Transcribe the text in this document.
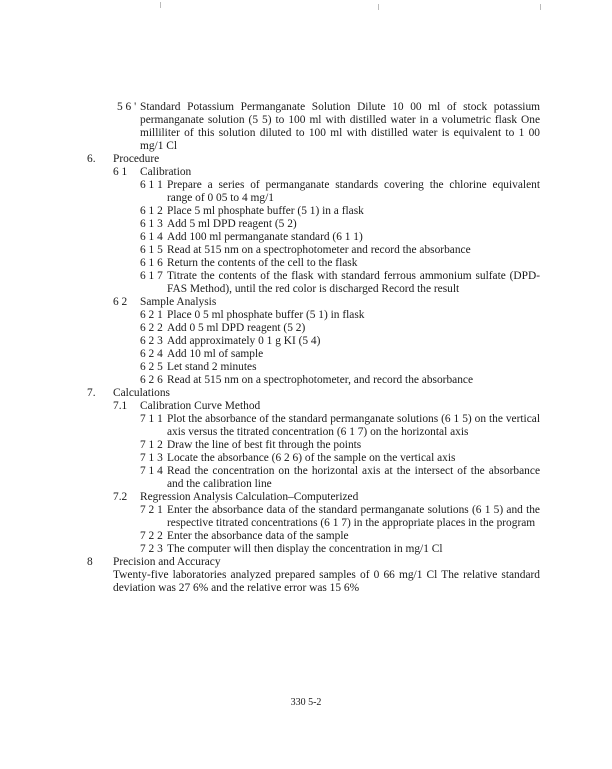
5 6 ' Standard Potassium Permanganate Solution Dilute 10 00 ml of stock potassium permanganate solution (5 5) to 100 ml with distilled water in a volumetric flask One milliliter of this solution diluted to 100 ml with distilled water is equivalent to 1 00 mg/1 Cl
6. Procedure
6 1 Calibration
6 1 1 Prepare a series of permanganate standards covering the chlorine equivalent range of 0 05 to 4 mg/1
6 1 2 Place 5 ml phosphate buffer (5 1) in a flask
6 1 3 Add 5 ml DPD reagent (5 2)
6 1 4 Add 100 ml permanganate standard (6 1 1)
6 1 5 Read at 515 nm on a spectrophotometer and record the absorbance
6 1 6 Return the contents of the cell to the flask
6 1 7 Titrate the contents of the flask with standard ferrous ammonium sulfate (DPD-FAS Method), until the red color is discharged Record the result
6 2 Sample Analysis
6 2 1 Place 0 5 ml phosphate buffer (5 1) in flask
6 2 2 Add 0 5 ml DPD reagent (5 2)
6 2 3 Add approximately 0 1 g KI (5 4)
6 2 4 Add 10 ml of sample
6 2 5 Let stand 2 minutes
6 2 6 Read at 515 nm on a spectrophotometer, and record the absorbance
7. Calculations
7.1 Calibration Curve Method
7 1 1 Plot the absorbance of the standard permanganate solutions (6 1 5) on the vertical axis versus the titrated concentration (6 1 7) on the horizontal axis
7 1 2 Draw the line of best fit through the points
7 1 3 Locate the absorbance (6 2 6) of the sample on the vertical axis
7 1 4 Read the concentration on the horizontal axis at the intersect of the absorbance and the calibration line
7.2 Regression Analysis Calculation–Computerized
7 2 1 Enter the absorbance data of the standard permanganate solutions (6 1 5) and the respective titrated concentrations (6 1 7) in the appropriate places in the program
7 2 2 Enter the absorbance data of the sample
7 2 3 The computer will then display the concentration in mg/1 Cl
8 Precision and Accuracy
Twenty-five laboratories analyzed prepared samples of 0 66 mg/1 Cl The relative standard deviation was 27 6% and the relative error was 15 6%
330 5-2
